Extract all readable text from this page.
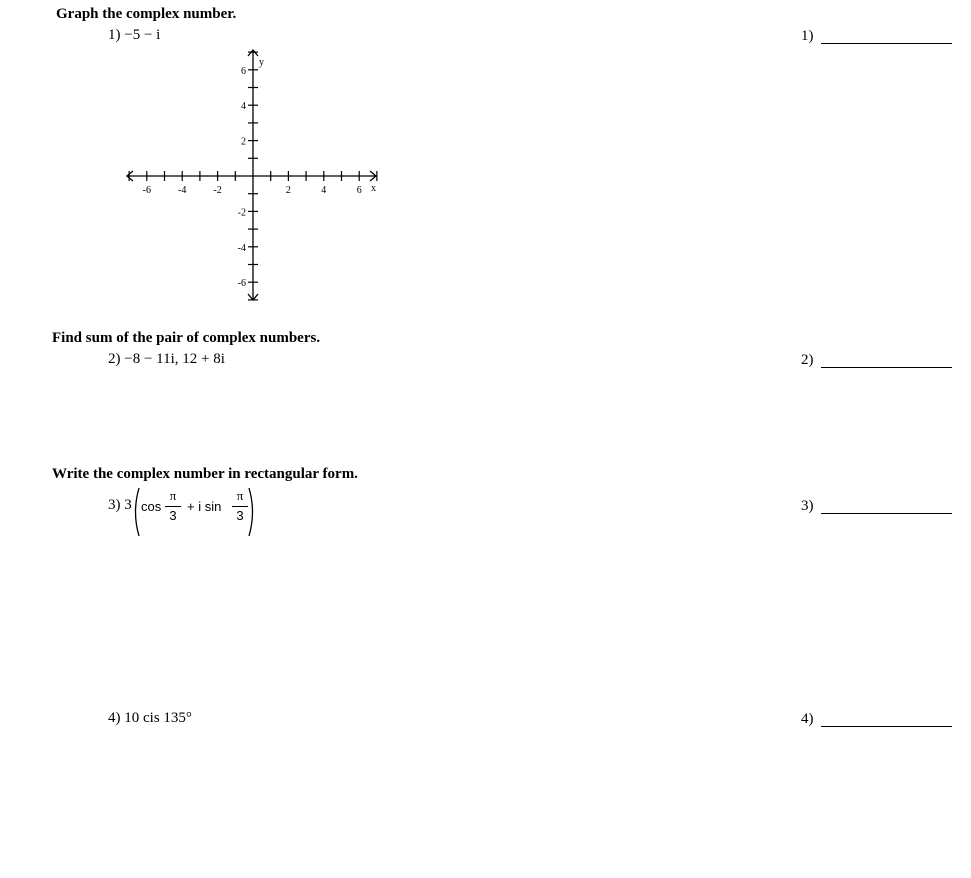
Graph the complex number.
1) −5 − i	1)
-6	-4	-2	2	4	6
6
4
2
-2
-4
-6
x
y
Find sum of the pair of complex numbers.
2) −8 − 11i, 12 + 8i	2)
Write the complex number in rectangular form.
3) 3 cos
π
3
+ i sin
π
3
3)
4) 10 cis 135°	4)
